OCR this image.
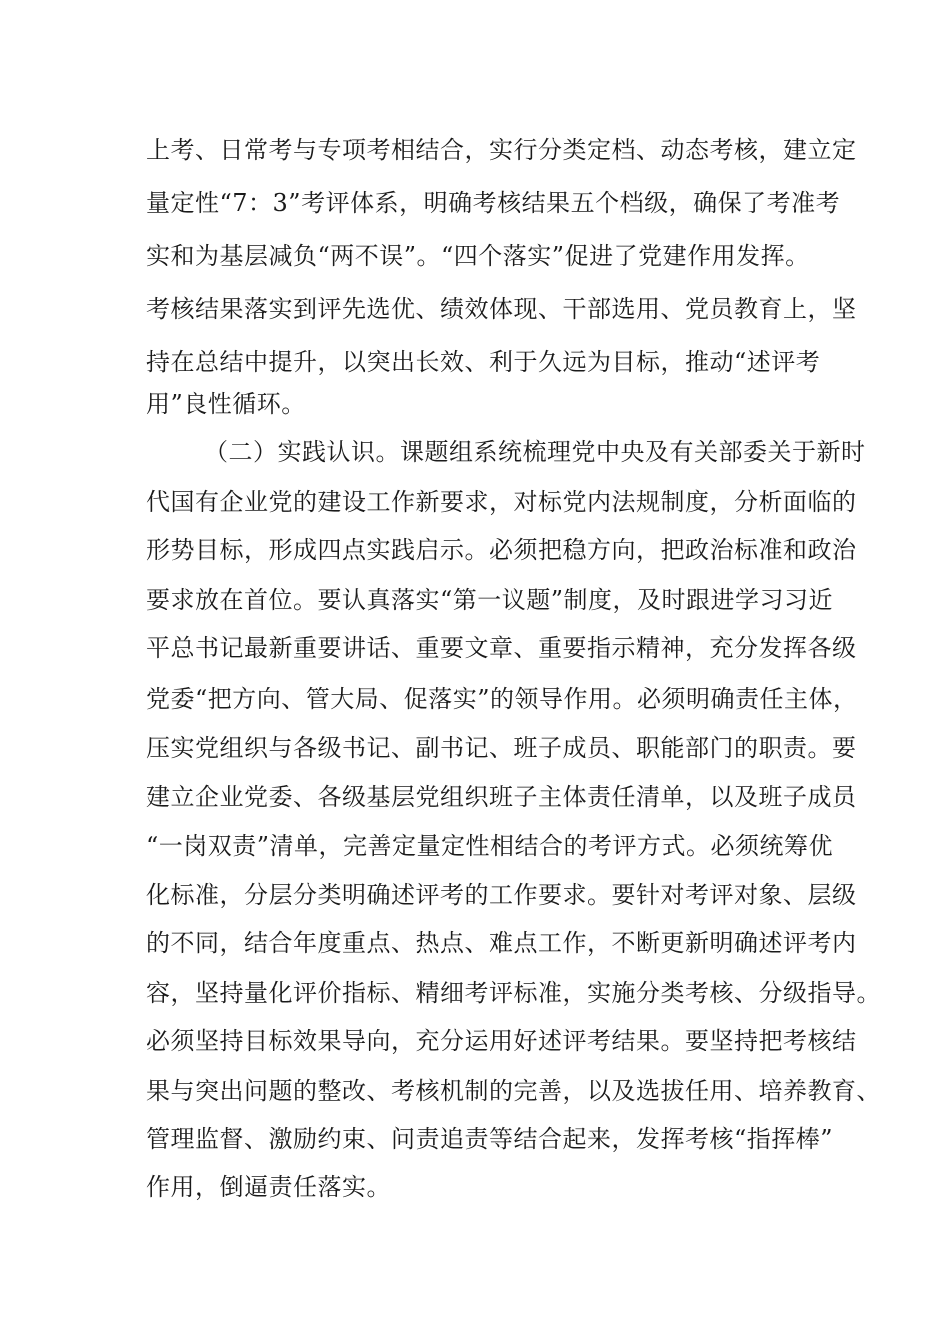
上考、日常考与专项考相结合，实行分类定档、动态考核，建立定
量定性“7：3”考评体系，明确考核结果五个档级，确保了考准考
实和为基层减负“两不误”。“四个落实”促进了党建作用发挥。
考核结果落实到评先选优、绩效体现、干部选用、党员教育上，坚
持在总结中提升，以突出长效、利于久远为目标，推动“述评考
用”良性循环。
（二）实践认识。课题组系统梳理党中央及有关部委关于新时
代国有企业党的建设工作新要求，对标党内法规制度，分析面临的
形势目标，形成四点实践启示。必须把稳方向，把政治标准和政治
要求放在首位。要认真落实“第一议题”制度，及时跟进学习习近
平总书记最新重要讲话、重要文章、重要指示精神，充分发挥各级
党委“把方向、管大局、促落实”的领导作用。必须明确责任主体，
压实党组织与各级书记、副书记、班子成员、职能部门的职责。要
建立企业党委、各级基层党组织班子主体责任清单，以及班子成员
“一岗双责”清单，完善定量定性相结合的考评方式。必须统筹优
化标准，分层分类明确述评考的工作要求。要针对考评对象、层级
的不同，结合年度重点、热点、难点工作，不断更新明确述评考内
容，坚持量化评价指标、精细考评标准，实施分类考核、分级指导。
必须坚持目标效果导向，充分运用好述评考结果。要坚持把考核结
果与突出问题的整改、考核机制的完善，以及选拔任用、培养教育、
管理监督、激励约束、问责追责等结合起来，发挥考核“指挥棒”
作用，倒逼责任落实。
